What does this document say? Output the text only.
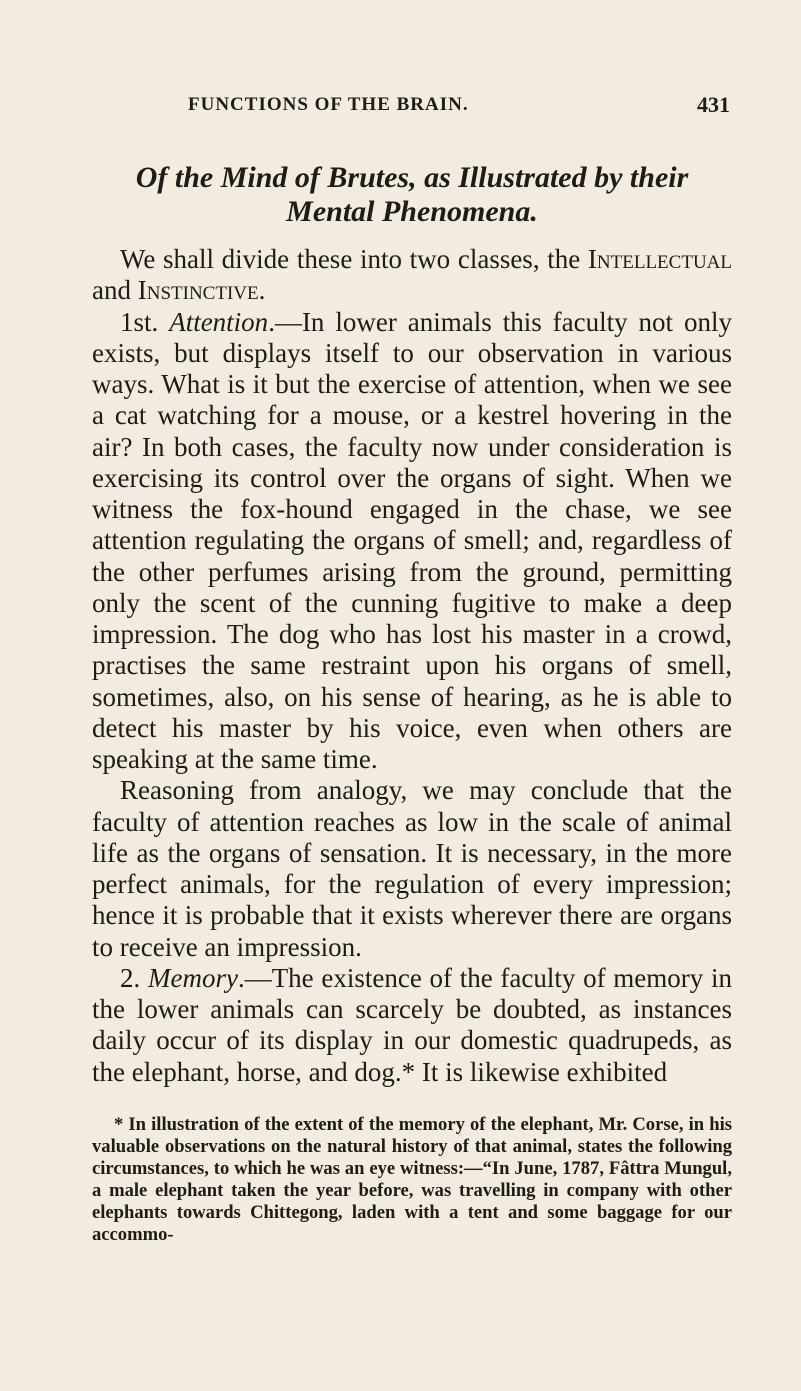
FUNCTIONS OF THE BRAIN.	431
Of the Mind of Brutes, as Illustrated by their Mental Phenomena.

We shall divide these into two classes, the Intellectual and Instinctive.

1st. Attention.—In lower animals this faculty not only exists, but displays itself to our observation in various ways. What is it but the exercise of attention, when we see a cat watching for a mouse, or a kestrel hovering in the air? In both cases, the faculty now under consideration is exercising its control over the organs of sight. When we witness the fox-hound engaged in the chase, we see attention regulating the organs of smell; and, regardless of the other perfumes arising from the ground, permitting only the scent of the cunning fugitive to make a deep impression. The dog who has lost his master in a crowd, practises the same restraint upon his organs of smell, sometimes, also, on his sense of hearing, as he is able to detect his master by his voice, even when others are speaking at the same time.

Reasoning from analogy, we may conclude that the faculty of attention reaches as low in the scale of animal life as the organs of sensation. It is necessary, in the more perfect animals, for the regulation of every impression; hence it is probable that it exists wherever there are organs to receive an impression.

2. Memory.—The existence of the faculty of memory in the lower animals can scarcely be doubted, as instances daily occur of its display in our domestic quadrupeds, as the elephant, horse, and dog.* It is likewise exhibited

* In illustration of the extent of the memory of the elephant, Mr. Corse, in his valuable observations on the natural history of that animal, states the following circumstances, to which he was an eye witness:—“In June, 1787, Fâttra Mungul, a male elephant taken the year before, was travelling in company with other elephants towards Chittegong, laden with a tent and some baggage for our accommo-
